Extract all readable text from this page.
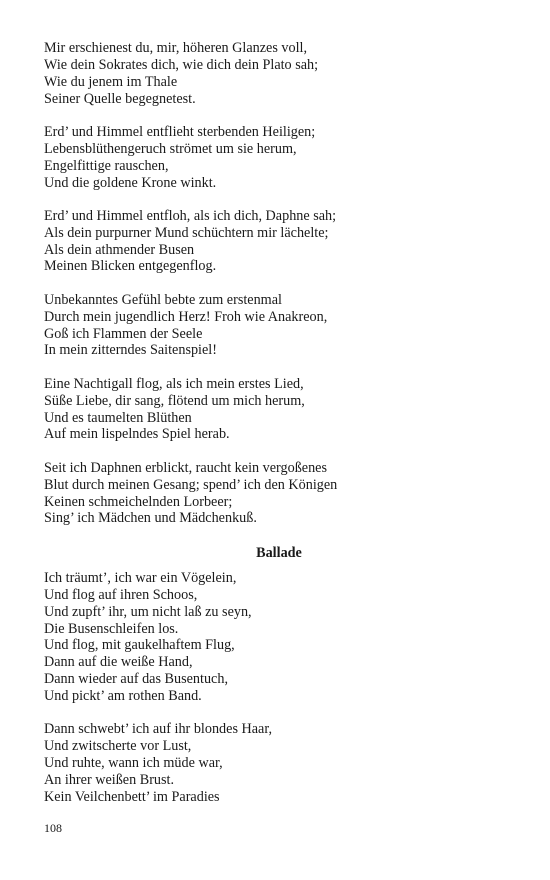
Mir erschienest du, mir, höheren Glanzes voll,
Wie dein Sokrates dich, wie dich dein Plato sah;
Wie du jenem im Thale
Seiner Quelle begegnetest.
Erd’ und Himmel entflieht sterbenden Heiligen;
Lebensblüthengeruch strömet um sie herum,
Engelfittige rauschen,
Und die goldene Krone winkt.
Erd’ und Himmel entfloh, als ich dich, Daphne sah;
Als dein purpurner Mund schüchtern mir lächelte;
Als dein athmender Busen
Meinen Blicken entgegenflog.
Unbekanntes Gefühl bebte zum erstenmal
Durch mein jugendlich Herz! Froh wie Anakreon,
Goß ich Flammen der Seele
In mein zitterndes Saitenspiel!
Eine Nachtigall flog, als ich mein erstes Lied,
Süße Liebe, dir sang, flötend um mich herum,
Und es taumelten Blüthen
Auf mein lispelndes Spiel herab.
Seit ich Daphnen erblickt, raucht kein vergoßenes
Blut durch meinen Gesang; spend’ ich den Königen
Keinen schmeichelnden Lorbeer;
Sing’ ich Mädchen und Mädchenkuß.
Ballade
Ich träumt’, ich war ein Vögelein,
Und flog auf ihren Schoos,
Und zupft’ ihr, um nicht laß zu seyn,
Die Busenschleifen los.
Und flog, mit gaukelhaftem Flug,
Dann auf die weiße Hand,
Dann wieder auf das Busentuch,
Und pickt’ am rothen Band.
Dann schwebt’ ich auf ihr blondes Haar,
Und zwitscherte vor Lust,
Und ruhte, wann ich müde war,
An ihrer weißen Brust.
Kein Veilchenbett’ im Paradies
108
